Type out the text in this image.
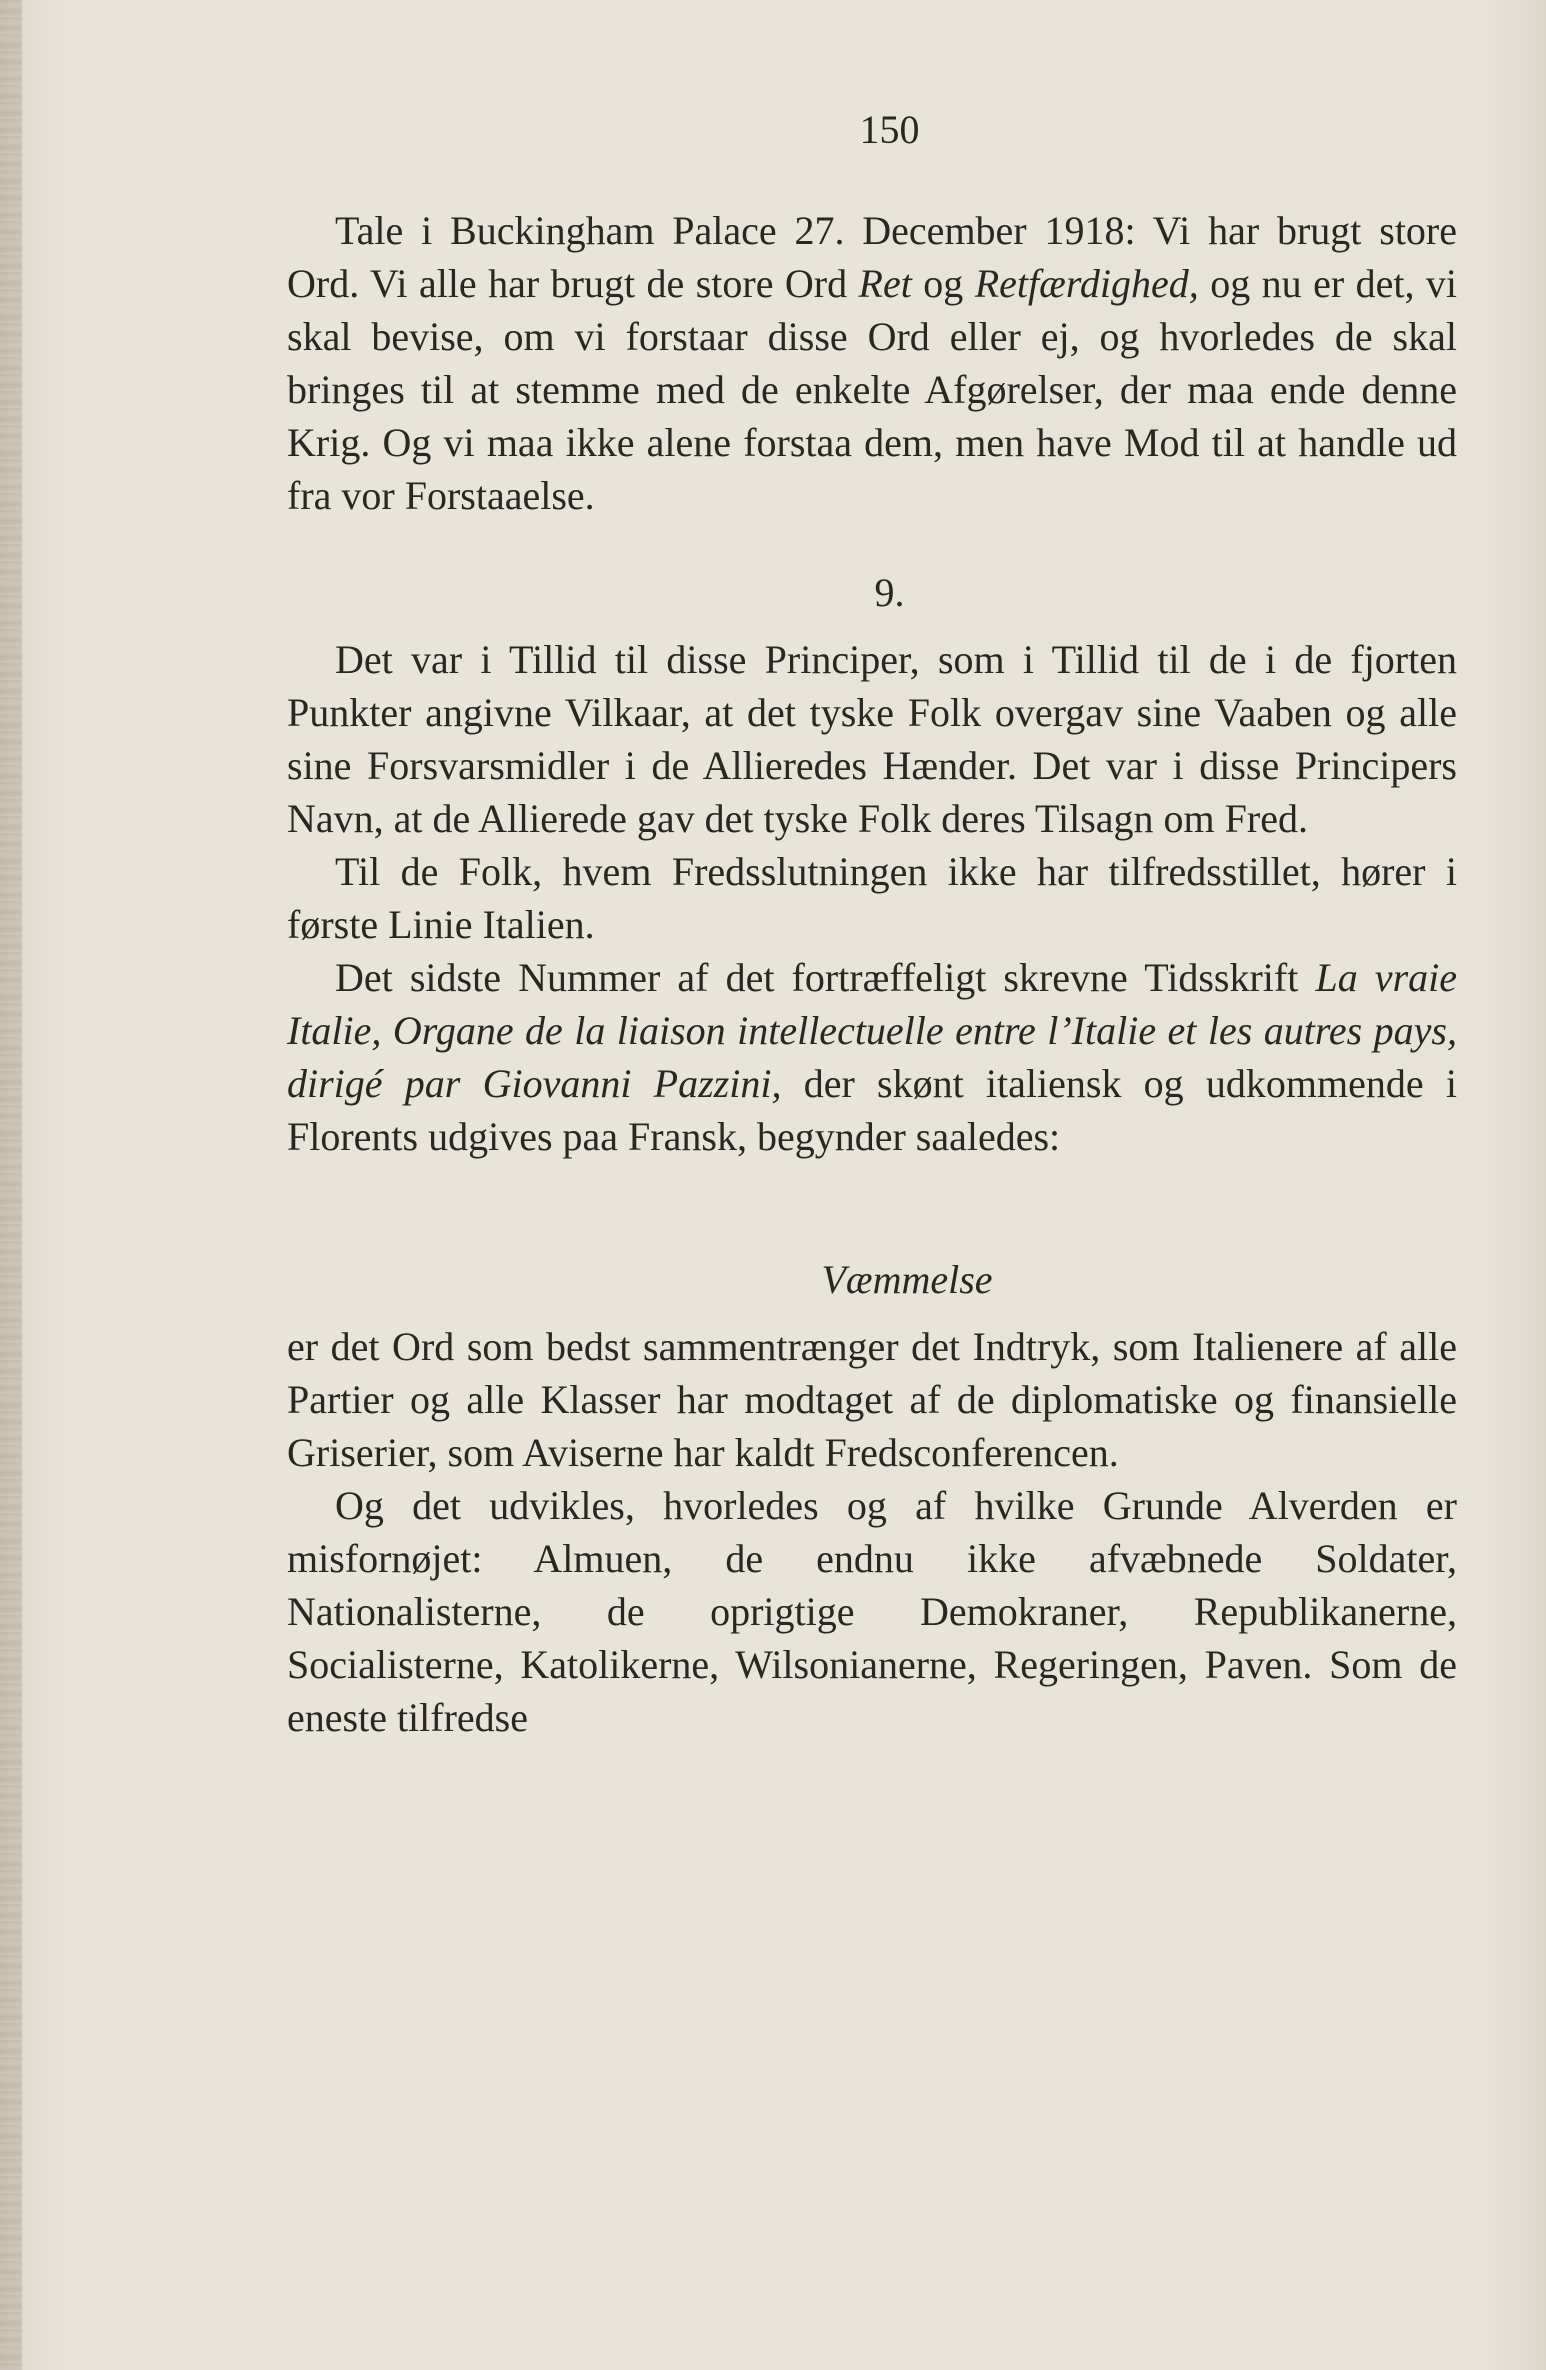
150

Tale i Buckingham Palace 27. December 1918: Vi har brugt store Ord. Vi alle har brugt de store Ord Ret og Retfærdighed, og nu er det, vi skal bevise, om vi forstaar disse Ord eller ej, og hvorledes de skal bringes til at stemme med de enkelte Afgørelser, der maa ende denne Krig. Og vi maa ikke alene forstaa dem, men have Mod til at handle ud fra vor Forstaaelse.

9.

Det var i Tillid til disse Principer, som i Tillid til de i de fjorten Punkter angivne Vilkaar, at det tyske Folk overgav sine Vaaben og alle sine Forsvarsmidler i de Allieredes Hænder. Det var i disse Principers Navn, at de Allierede gav det tyske Folk deres Tilsagn om Fred.

Til de Folk, hvem Fredsslutningen ikke har tilfredsstillet, hører i første Linie Italien.

Det sidste Nummer af det fortræffeligt skrevne Tidsskrift La vraie Italie, Organe de la liaison intellectuelle entre l’Italie et les autres pays, dirigé par Giovanni Pazzini, der skønt italiensk og udkommende i Florents udgives paa Fransk, begynder saaledes:

Væmmelse

er det Ord som bedst sammentrænger det Indtryk, som Italienere af alle Partier og alle Klasser har modtaget af de diplomatiske og finansielle Griserier, som Aviserne har kaldt Fredsconferencen.

Og det udvikles, hvorledes og af hvilke Grunde Alverden er misfornøjet: Almuen, de endnu ikke afvæbnede Soldater, Nationalisterne, de oprigtige Demokraner, Republikanerne, Socialisterne, Katolikerne, Wilsonianerne, Regeringen, Paven. Som de eneste tilfredse
